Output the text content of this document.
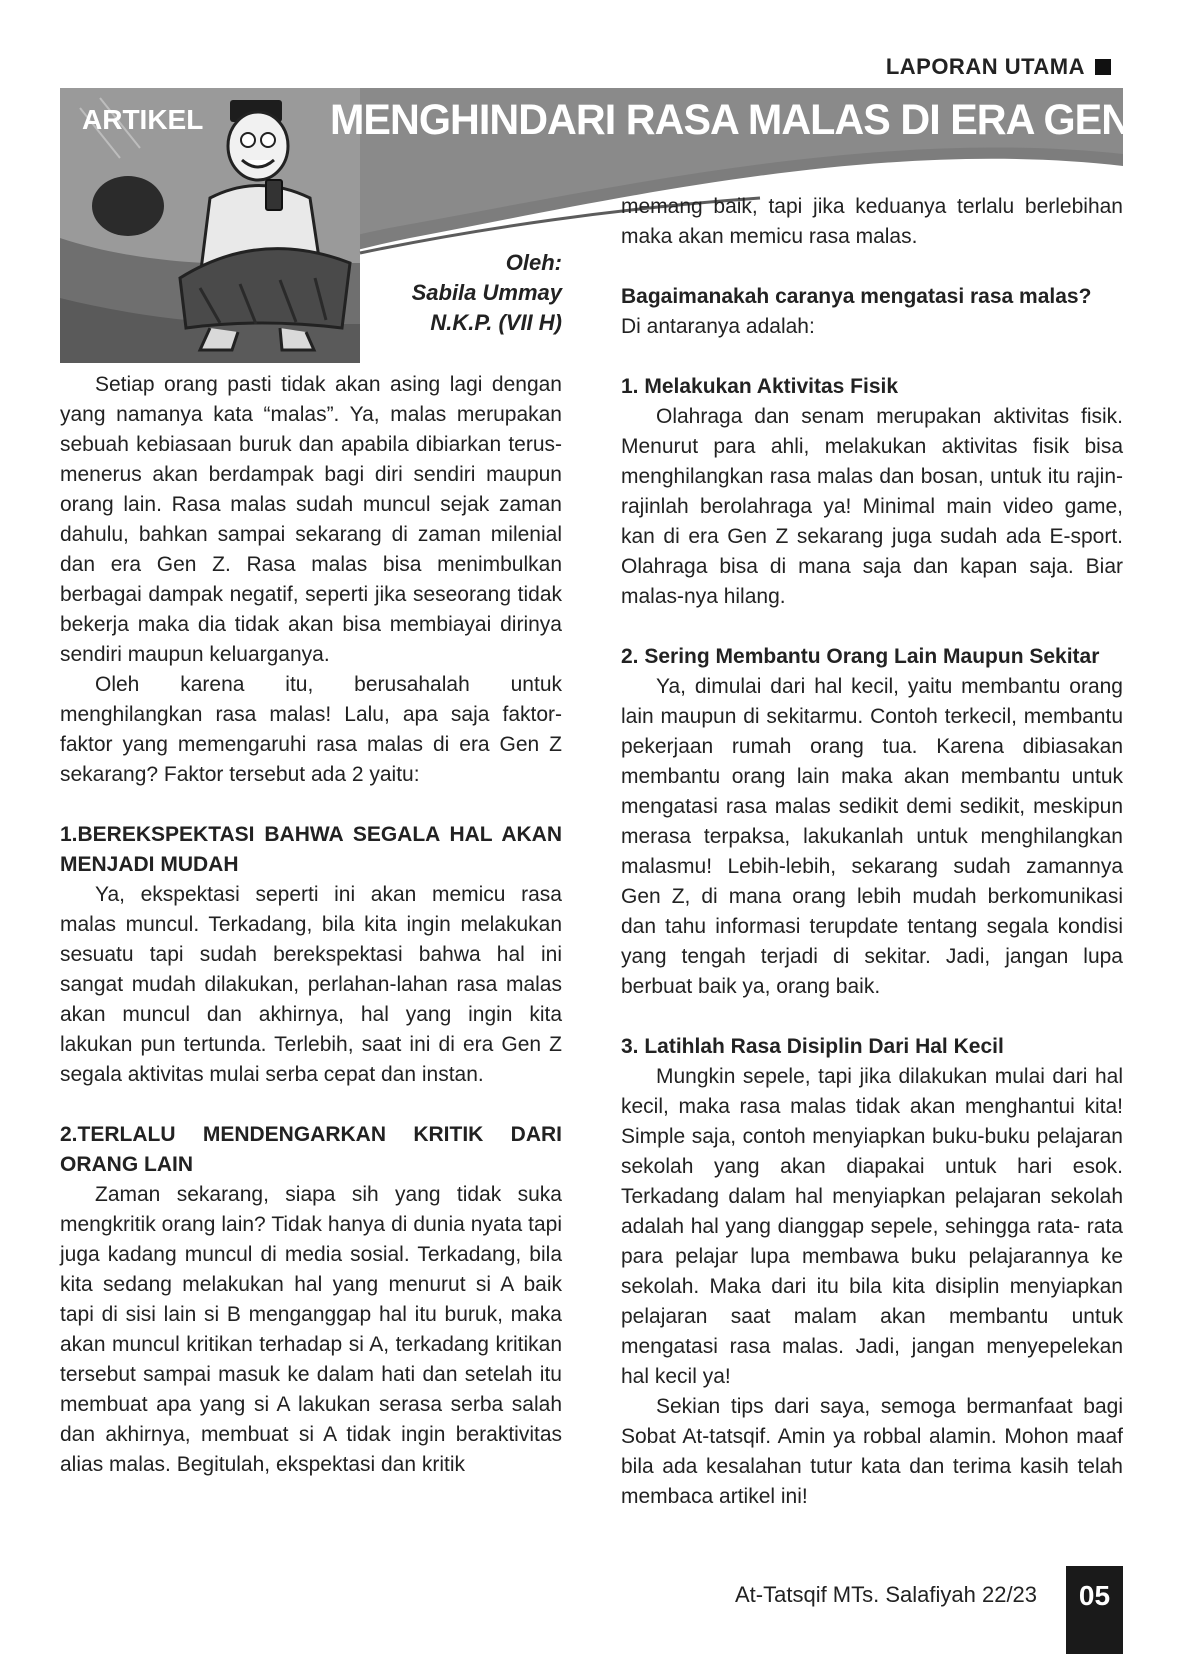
LAPORAN UTAMA
ARTIKEL	MENGHINDARI RASA MALAS DI ERA GEN Z
Oleh:
Sabila Ummay
N.K.P. (VII H)

Setiap orang pasti tidak akan asing lagi dengan yang namanya kata “malas”. Ya, malas merupakan sebuah kebiasaan buruk dan apabila dibiarkan terus-menerus akan berdampak bagi diri sendiri maupun orang lain. Rasa malas sudah muncul sejak zaman dahulu, bahkan sampai sekarang di zaman milenial dan era Gen Z. Rasa malas bisa menimbulkan berbagai dampak negatif, seperti jika seseorang tidak bekerja maka dia tidak akan bisa membiayai dirinya sendiri maupun keluarganya.

Oleh karena itu, berusahalah untuk menghilangkan rasa malas! Lalu, apa saja faktor-faktor yang memengaruhi rasa malas di era Gen Z sekarang? Faktor tersebut ada 2 yaitu:

1.BEREKSPEKTASI BAHWA SEGALA HAL AKAN MENJADI MUDAH

Ya, ekspektasi seperti ini akan memicu rasa malas muncul. Terkadang, bila kita ingin melakukan sesuatu tapi sudah berekspektasi bahwa hal ini sangat mudah dilakukan, perlahan-lahan rasa malas akan muncul dan akhirnya, hal yang ingin kita lakukan pun tertunda. Terlebih, saat ini di era Gen Z segala aktivitas mulai serba cepat dan instan.

2.TERLALU MENDENGARKAN KRITIK DARI ORANG LAIN

Zaman sekarang, siapa sih yang tidak suka mengkritik orang lain? Tidak hanya di dunia nyata tapi juga kadang muncul di media sosial. Terkadang, bila kita sedang melakukan hal yang menurut si A baik tapi di sisi lain si B menganggap hal itu buruk, maka akan muncul kritikan terhadap si A, terkadang kritikan tersebut sampai masuk ke dalam hati dan setelah itu membuat apa yang si A lakukan serasa serba salah dan akhirnya, membuat si A tidak ingin beraktivitas alias malas. Begitulah, ekspektasi dan kritik

memang baik, tapi jika keduanya terlalu berlebihan maka akan memicu rasa malas.

Bagaimanakah caranya mengatasi rasa malas?

Di antaranya adalah:

1. Melakukan Aktivitas Fisik

Olahraga dan senam merupakan aktivitas fisik. Menurut para ahli, melakukan aktivitas fisik bisa menghilangkan rasa malas dan bosan, untuk itu rajin-rajinlah berolahraga ya! Minimal main video game, kan di era Gen Z sekarang juga sudah ada E-sport. Olahraga bisa di mana saja dan kapan saja. Biar malas-nya hilang.

2. Sering Membantu Orang Lain Maupun Sekitar

Ya, dimulai dari hal kecil, yaitu membantu orang lain maupun di sekitarmu. Contoh terkecil, membantu pekerjaan rumah orang tua. Karena dibiasakan membantu orang lain maka akan membantu untuk mengatasi rasa malas sedikit demi sedikit, meskipun merasa terpaksa, lakukanlah untuk menghilangkan malasmu! Lebih-lebih, sekarang sudah zamannya Gen Z, di mana orang lebih mudah berkomunikasi dan tahu informasi terupdate tentang segala kondisi yang tengah terjadi di sekitar. Jadi, jangan lupa berbuat baik ya, orang baik.

3. Latihlah Rasa Disiplin Dari Hal Kecil

Mungkin sepele, tapi jika dilakukan mulai dari hal kecil, maka rasa malas tidak akan menghantui kita! Simple saja, contoh menyiapkan buku-buku pelajaran sekolah yang akan diapakai untuk hari esok. Terkadang dalam hal menyiapkan pelajaran sekolah adalah hal yang dianggap sepele, sehingga rata- rata para pelajar lupa membawa buku pelajarannya ke sekolah. Maka dari itu bila kita disiplin menyiapkan pelajaran saat malam akan membantu untuk mengatasi rasa malas. Jadi, jangan menyepelekan hal kecil ya!

Sekian tips dari saya, semoga bermanfaat bagi Sobat At-tatsqif. Amin ya robbal alamin. Mohon maaf bila ada kesalahan tutur kata dan terima kasih telah membaca artikel ini!

At-Tatsqif MTs. Salafiyah 22/23	05
